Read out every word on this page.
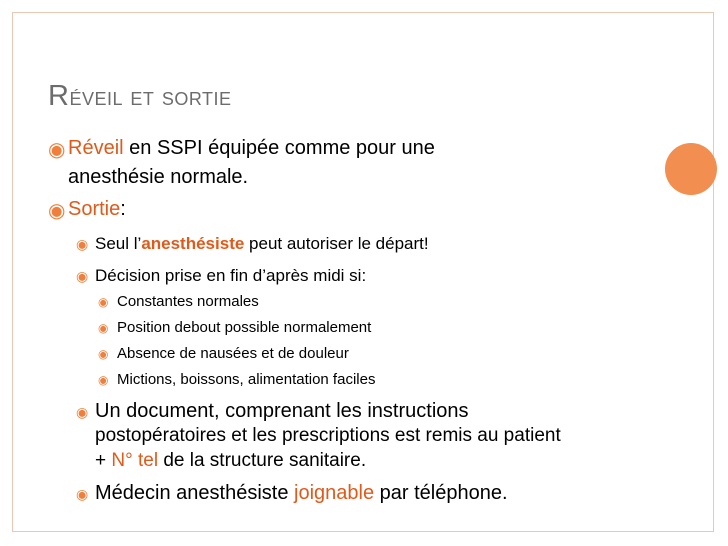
Réveil et sortie
◉ Réveil en SSPI équipée comme pour une
anesthésie normale.
◉ Sortie:
◉ Seul l’anesthésiste peut autoriser le départ!
◉ Décision prise en fin d’après midi si:
◉ Constantes normales
◉ Position debout possible normalement
◉ Absence de nausées et de douleur
◉ Mictions, boissons, alimentation faciles
◉ Un document, comprenant les instructions
postopératoires et les prescriptions est remis au patient
+ N° tel de la structure sanitaire.
◉ Médecin anesthésiste joignable par téléphone.
